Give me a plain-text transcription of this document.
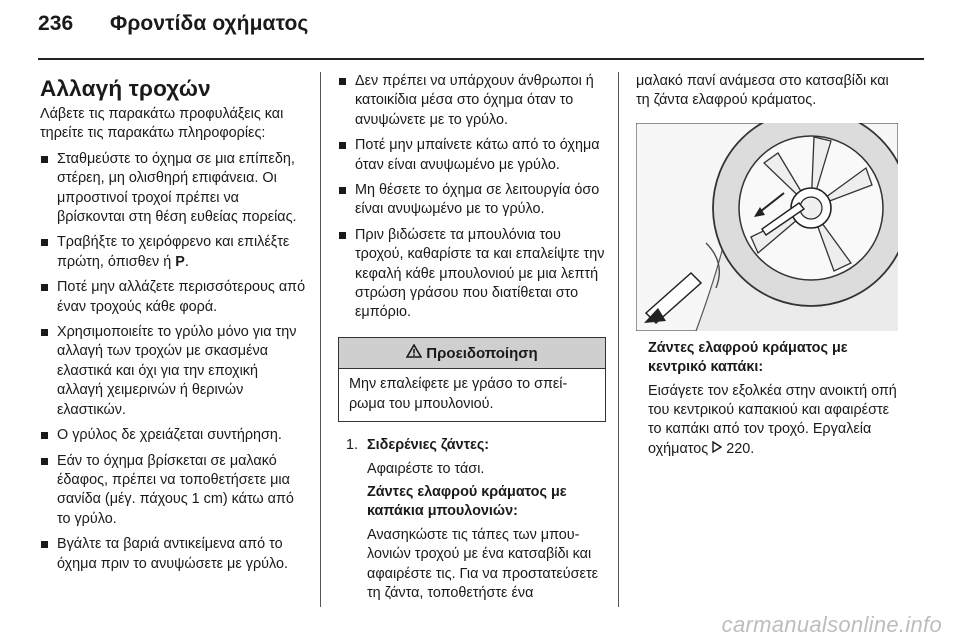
236 Φροντίδα οχήματος
Αλλαγή τροχών

Λάβετε τις παρακάτω προφυλάξεις και τηρείτε τις παρακάτω πληροφορίες:

Σταθμεύστε το όχημα σε μια επίπεδη, στέρεη, μη ολισθηρή επιφάνεια. Οι μπροστινοί τροχοί πρέπει να βρίσκονται στη θέση ευθείας πορείας.
Τραβήξτε το χειρόφρενο και επιλέξτε πρώτη, όπισθεν ή P.
Ποτέ μην αλλάζετε περισσότερους από έναν τροχούς κάθε φορά.
Χρησιμοποιείτε το γρύλο μόνο για την αλλαγή των τροχών με σκασμένα ελαστικά και όχι για την εποχική αλλαγή χειμερινών ή θερινών ελαστικών.
Ο γρύλος δε χρειάζεται συντήρηση.
Εάν το όχημα βρίσκεται σε μαλακό έδαφος, πρέπει να τοποθετήσετε μια σανίδα (μέγ. πάχους 1 cm) κάτω από το γρύλο.
Βγάλτε τα βαριά αντικείμενα από το όχημα πριν το ανυψώσετε με γρύλο.
Δεν πρέπει να υπάρχουν άνθρωποι ή κατοικίδια μέσα στο όχημα όταν το ανυψώνετε με το γρύλο.
Ποτέ μην μπαίνετε κάτω από το όχημα όταν είναι ανυψωμένο με γρύλο.
Μη θέσετε το όχημα σε λειτουργία όσο είναι ανυψωμένο με το γρύλο.
Πριν βιδώσετε τα μπουλόνια του τροχού, καθαρίστε τα και επαλείψτε την κεφαλή κάθε μπουλονιού με μια λεπτή στρώση γράσου που διατίθεται στο εμπόριο.
Προειδοποίηση
Μην επαλείφετε με γράσο το σπείρωμα του μπουλονιού.
1. Σιδερένιες ζάντες:

Αφαιρέστε το τάσι.

Ζάντες ελαφρού κράματος με καπάκια μπουλονιών:

Ανασηκώστε τις τάπες των μπουλονιών τροχού με ένα κατσαβίδι και αφαιρέστε τις. Για να προστατεύσετε τη ζάντα, τοποθετήστε ένα

μαλακό πανί ανάμεσα στο κατσαβίδι και τη ζάντα ελαφρού κράματος.

Ζάντες ελαφρού κράματος με κεντρικό καπάκι:

Εισάγετε τον εξολκέα στην ανοικτή οπή του κεντρικού καπακιού και αφαιρέστε το καπάκι από τον τροχό. Εργαλεία οχήματος  220.

carmanualsonline.info
